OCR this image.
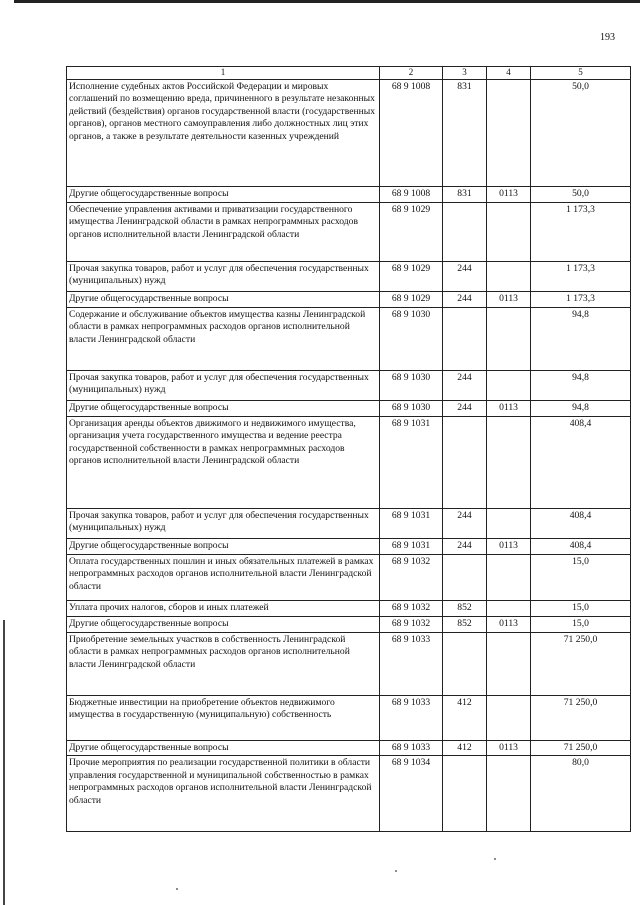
193
1	2	3	4	5
Исполнение судебных актов Российской Федерации и мировых соглашений по возмещению вреда, причиненного в результате незаконных действий (бездействия) органов государственной власти (государственных органов), органов местного самоуправления либо должностных лиц этих органов, а также в результате деятельности казенных учреждений	68 9 1008	831		50,0
Другие общегосударственные вопросы	68 9 1008	831	0113	50,0
Обеспечение управления активами и приватизации государственного имущества Ленинградской области в рамках непрограммных расходов органов исполнительной власти Ленинградской области	68 9 1029			1 173,3
Прочая закупка товаров, работ и услуг для обеспечения государственных (муниципальных) нужд	68 9 1029	244		1 173,3
Другие общегосударственные вопросы	68 9 1029	244	0113	1 173,3
Содержание и обслуживание объектов имущества казны Ленинградской области в рамках непрограммных расходов органов исполнительной власти Ленинградской области	68 9 1030			94,8
Прочая закупка товаров, работ и услуг для обеспечения государственных (муниципальных) нужд	68 9 1030	244		94,8
Другие общегосударственные вопросы	68 9 1030	244	0113	94,8
Организация аренды объектов движимого и недвижимого имущества, организация учета государственного имущества и ведение реестра государственной собственности в рамках непрограммных расходов органов исполнительной власти Ленинградской области	68 9 1031			408,4
Прочая закупка товаров, работ и услуг для обеспечения государственных (муниципальных) нужд	68 9 1031	244		408,4
Другие общегосударственные вопросы	68 9 1031	244	0113	408,4
Оплата государственных пошлин и иных обязательных платежей в рамках непрограммных расходов органов исполнительной власти Ленинградской области	68 9 1032			15,0
Уплата прочих налогов, сборов и иных платежей	68 9 1032	852		15,0
Другие общегосударственные вопросы	68 9 1032	852	0113	15,0
Приобретение земельных участков в собственность Ленинградской области в рамках непрограммных расходов органов исполнительной власти Ленинградской области	68 9 1033			71 250,0
Бюджетные инвестиции на приобретение объектов недвижимого имущества в государственную (муниципальную) собственность	68 9 1033	412		71 250,0
Другие общегосударственные вопросы	68 9 1033	412	0113	71 250,0
Прочие мероприятия по реализации государственной политики в области управления государственной и муниципальной собственностью в рамках непрограммных расходов органов исполнительной власти Ленинградской области	68 9 1034			80,0
